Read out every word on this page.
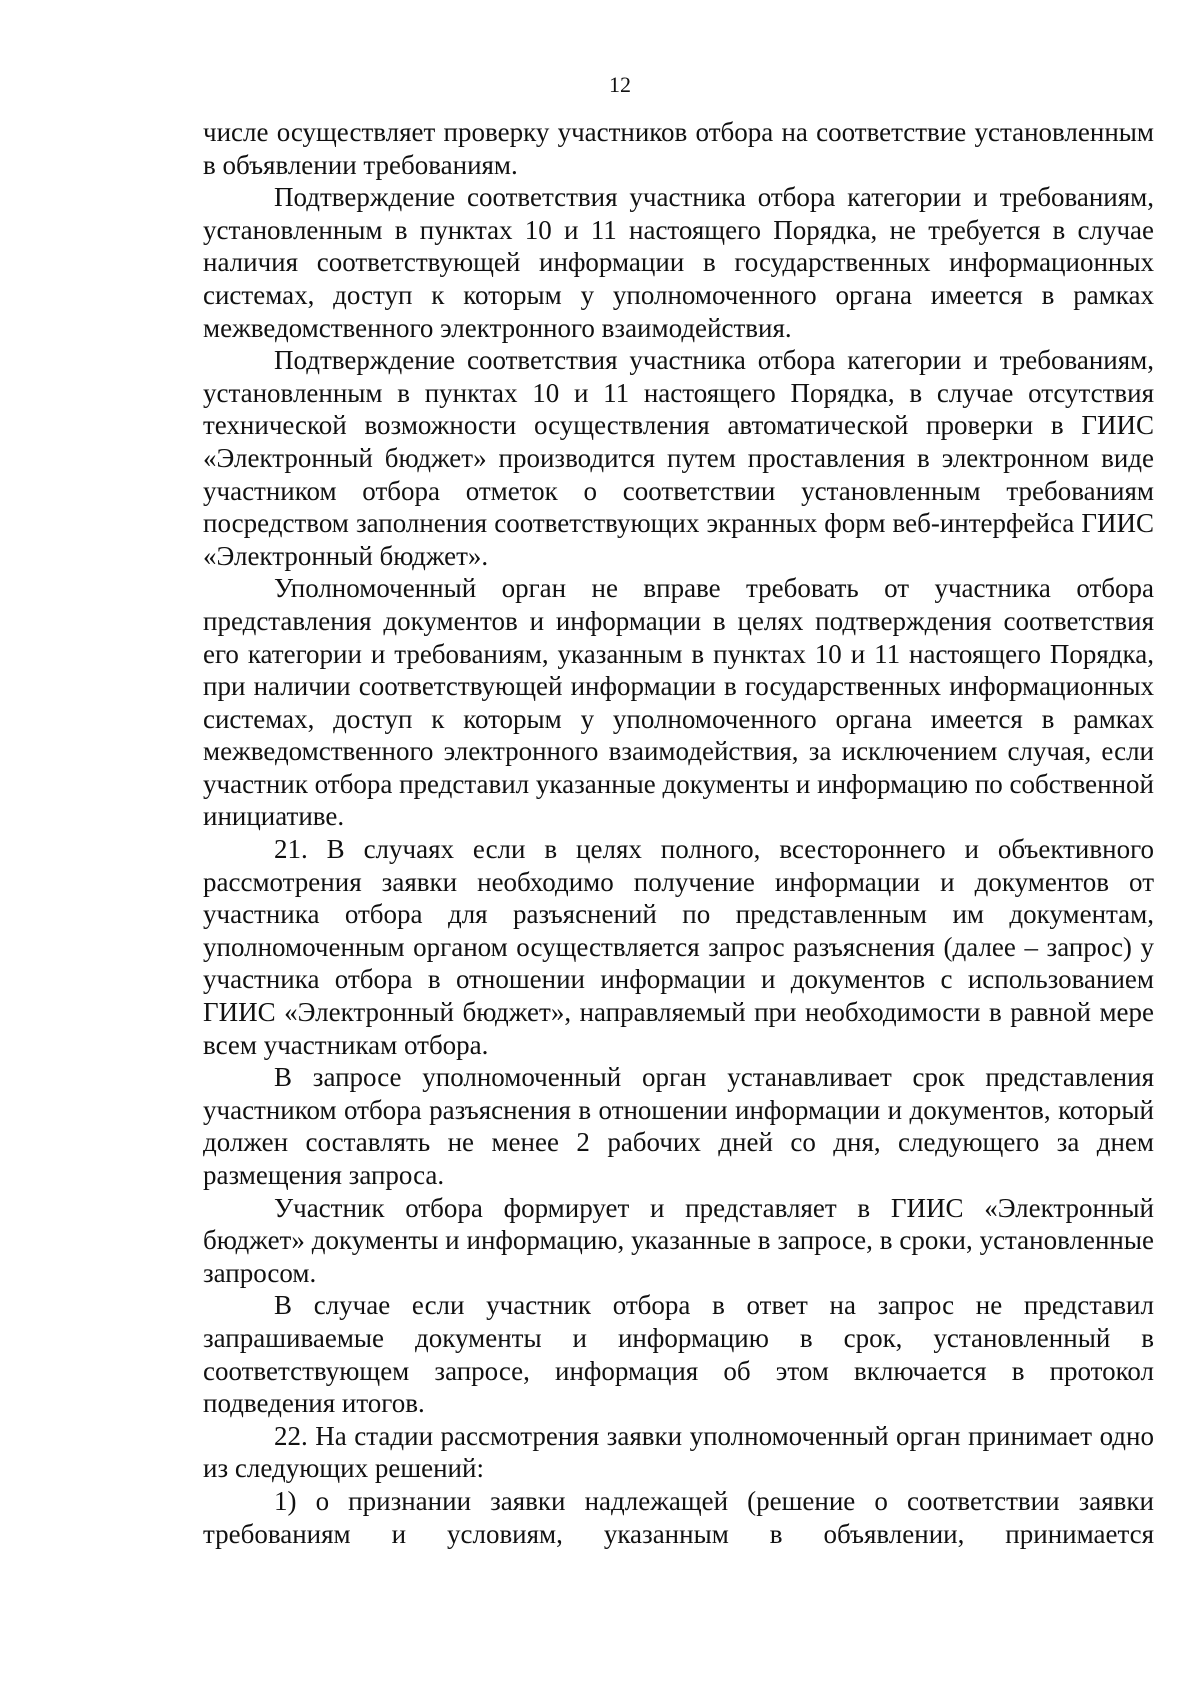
12

числе осуществляет проверку участников отбора на соответствие установленным в объявлении требованиям.

Подтверждение соответствия участника отбора категории и требованиям, установленным в пунктах 10 и 11 настоящего Порядка, не требуется в случае наличия соответствующей информации в государственных информационных системах, доступ к которым у уполномоченного органа имеется в рамках межведомственного электронного взаимодействия.

Подтверждение соответствия участника отбора категории и требованиям, установленным в пунктах 10 и 11 настоящего Порядка, в случае отсутствия технической возможности осуществления автоматической проверки в ГИИС «Электронный бюджет» производится путем проставления в электронном виде участником отбора отметок о соответствии установленным требованиям посредством заполнения соответствующих экранных форм веб-интерфейса ГИИС «Электронный бюджет».

Уполномоченный орган не вправе требовать от участника отбора представления документов и информации в целях подтверждения соответствия его категории и требованиям, указанным в пунктах 10 и 11 настоящего Порядка, при наличии соответствующей информации в государственных информационных системах, доступ к которым у уполномоченного органа имеется в рамках межведомственного электронного взаимодействия, за исключением случая, если участник отбора представил указанные документы и информацию по собственной инициативе.

21. В случаях если в целях полного, всестороннего и объективного рассмотрения заявки необходимо получение информации и документов от участника отбора для разъяснений по представленным им документам, уполномоченным органом осуществляется запрос разъяснения (далее – запрос) у участника отбора в отношении информации и документов с использованием ГИИС «Электронный бюджет», направляемый при необходимости в равной мере всем участникам отбора.

В запросе уполномоченный орган устанавливает срок представления участником отбора разъяснения в отношении информации и документов, который должен составлять не менее 2 рабочих дней со дня, следующего за днем размещения запроса.

Участник отбора формирует и представляет в ГИИС «Электронный бюджет» документы и информацию, указанные в запросе, в сроки, установленные запросом.

В случае если участник отбора в ответ на запрос не представил запрашиваемые документы и информацию в срок, установленный в соответствующем запросе, информация об этом включается в протокол подведения итогов.

22. На стадии рассмотрения заявки уполномоченный орган принимает одно из следующих решений:

1) о признании заявки надлежащей (решение о соответствии заявки требованиям и условиям, указанным в объявлении, принимается
